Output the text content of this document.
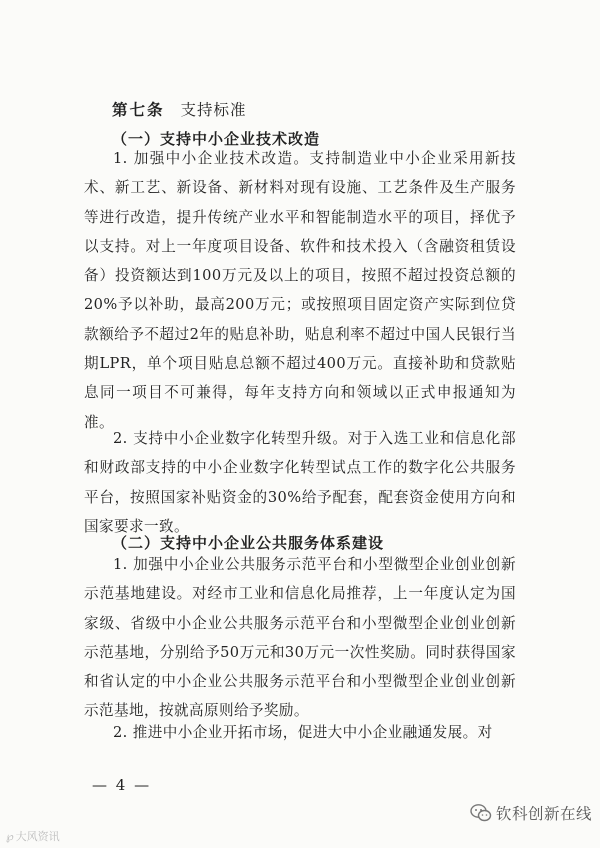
第七条 支持标准
（一）支持中小企业技术改造

1. 加强中小企业技术改造。支持制造业中小企业采用新技术、新工艺、新设备、新材料对现有设施、工艺条件及生产服务等进行改造，提升传统产业水平和智能制造水平的项目，择优予以支持。对上一年度项目设备、软件和技术投入（含融资租赁设备）投资额达到100万元及以上的项目，按照不超过投资总额的20%予以补助，最高200万元；或按照项目固定资产实际到位贷款额给予不超过2年的贴息补助，贴息利率不超过中国人民银行当期LPR，单个项目贴息总额不超过400万元。直接补助和贷款贴息同一项目不可兼得，每年支持方向和领域以正式申报通知为准。

2. 支持中小企业数字化转型升级。对于入选工业和信息化部和财政部支持的中小企业数字化转型试点工作的数字化公共服务平台，按照国家补贴资金的30%给予配套，配套资金使用方向和国家要求一致。

（二）支持中小企业公共服务体系建设

1. 加强中小企业公共服务示范平台和小型微型企业创业创新示范基地建设。对经市工业和信息化局推荐，上一年度认定为国家级、省级中小企业公共服务示范平台和小型微型企业创业创新示范基地，分别给予50万元和30万元一次性奖励。同时获得国家和省认定的中小企业公共服务示范平台和小型微型企业创业创新示范基地，按就高原则给予奖励。

2. 推进中小企业开拓市场，促进大中小企业融通发展。对

— 4 —
℘ 大风资讯
钦科创新在线
